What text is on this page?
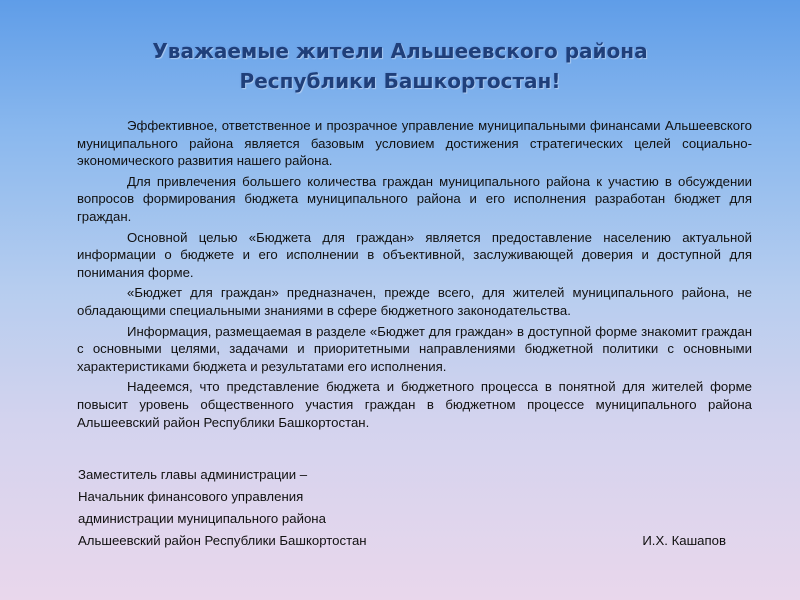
Уважаемые жители Альшеевского района
Республики Башкортостан!

Эффективное, ответственное и прозрачное управление муниципальными финансами Альшеевского муниципального района является базовым условием достижения стратегических целей социально-экономического развития нашего района.

Для привлечения большего количества граждан муниципального района к участию в обсуждении вопросов формирования бюджета муниципального района и его исполнения разработан бюджет для граждан.

Основной целью «Бюджета для граждан» является предоставление населению актуальной информации о бюджете и его исполнении в объективной, заслуживающей доверия и доступной для понимания форме.

«Бюджет для граждан» предназначен, прежде всего, для жителей муниципального района, не обладающими специальными знаниями в сфере бюджетного законодательства.

Информация, размещаемая в разделе «Бюджет для граждан» в доступной форме знакомит граждан с основными целями, задачами и приоритетными направлениями бюджетной политики с основными характеристиками бюджета и результатами его исполнения.

Надеемся, что представление бюджета и бюджетного процесса в понятной для жителей форме повысит уровень общественного участия граждан в бюджетном процессе муниципального района Альшеевский район Республики Башкортостан.

Заместитель главы администрации –
Начальник финансового управления
администрации муниципального района
Альшеевский район Республики Башкортостан	И.Х. Кашапов
